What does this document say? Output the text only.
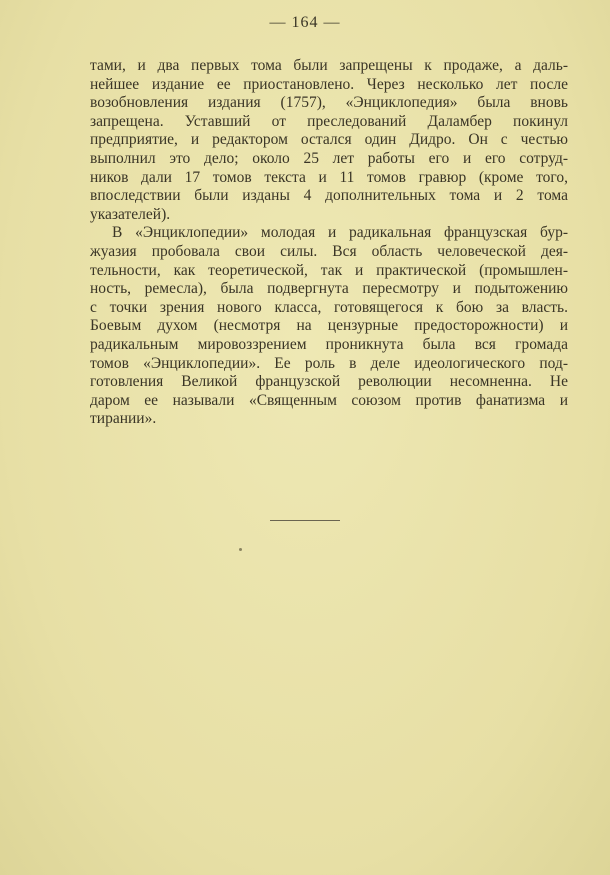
— 164 —
тами, и два первых тома были запрещены к продаже, а даль-
нейшее издание ее приостановлено. Через несколько лет после
возобновления издания (1757), «Энциклопедия» была вновь
запрещена. Уставший от преследований Даламбер покинул
предприятие, и редактором остался один Дидро. Он с честью
выполнил это дело; около 25 лет работы его и его сотруд-
ников дали 17 томов текста и 11 томов гравюр (кроме того,
впоследствии были изданы 4 дополнительных тома и 2 тома
указателей).
В «Энциклопедии» молодая и радикальная французская бур-
жуазия пробовала свои силы. Вся область человеческой дея-
тельности, как теоретической, так и практической (промышлен-
ность, ремесла), была подвергнута пересмотру и подытожению
с точки зрения нового класса, готовящегося к бою за власть.
Боевым духом (несмотря на цензурные предосторожности) и
радикальным мировоззрением проникнута была вся громада
томов «Энциклопедии». Ее роль в деле идеологического под-
готовления Великой французской революции несомненна. Не
даром ее называли «Священным союзом против фанатизма и
тирании».
